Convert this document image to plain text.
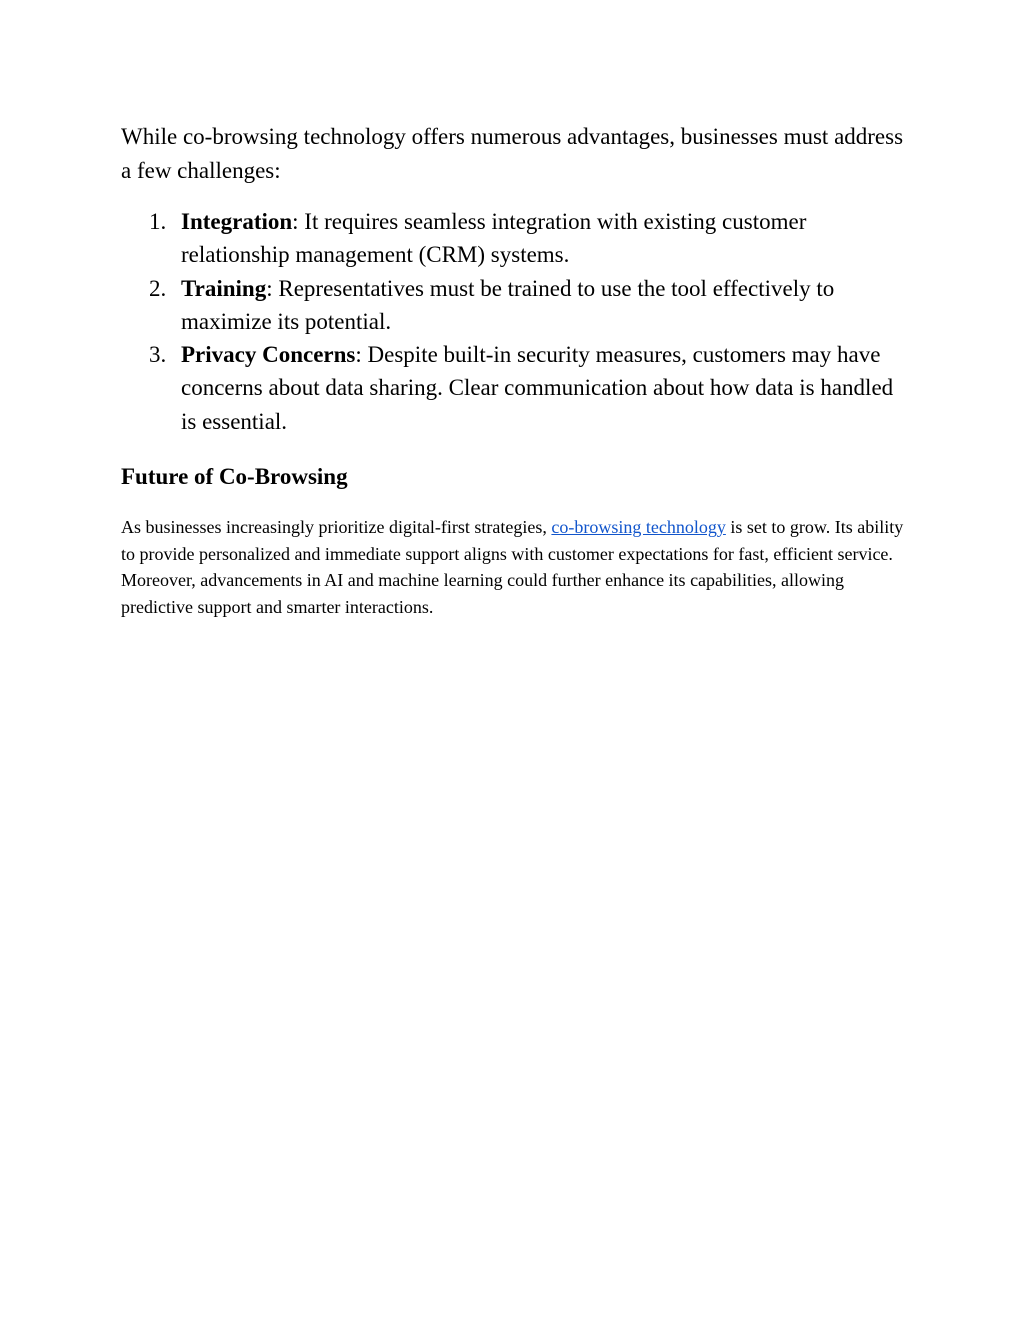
While co-browsing technology offers numerous advantages, businesses must address a few challenges:

1. Integration: It requires seamless integration with existing customer relationship management (CRM) systems.
2. Training: Representatives must be trained to use the tool effectively to maximize its potential.
3. Privacy Concerns: Despite built-in security measures, customers may have concerns about data sharing. Clear communication about how data is handled is essential.
Future of Co-Browsing

As businesses increasingly prioritize digital-first strategies, co-browsing technology is set to grow. Its ability to provide personalized and immediate support aligns with customer expectations for fast, efficient service. Moreover, advancements in AI and machine learning could further enhance its capabilities, allowing predictive support and smarter interactions.
